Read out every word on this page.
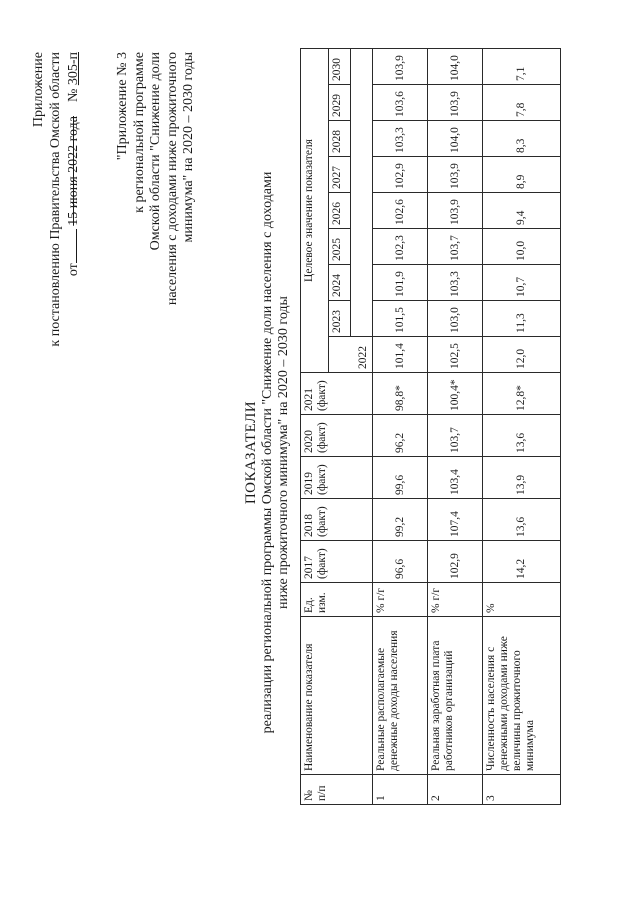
Приложение к постановлению Правительства Омской области от 15 июня 2022 года    № 305-п "Приложение № 3 к региональной программе Омской области "Снижение доли населения с доходами ниже прожиточного минимума" на 2020 – 2030 годы
ПОКАЗАТЕЛИ реализации региональной программы Омской области "Снижение доли населения с доходами ниже прожиточного минимума" на 2020 – 2030 годы
№ п/п	Наименование показателя	Ед. изм.	2017 (факт)	2018 (факт)	2019 (факт)	2020 (факт)	2021 (факт)	Целевое значение показателя								
								2022	2023	2024	2025	2026	2027	2028	2029	2030

1	Реальные располагаемые денежные доходы населения	% г/г	96,6	99,2	99,6	96,2	98,8*	101,4	101,5	101,9	102,3	102,6	102,9	103,3	103,6	103,9
2	Реальная заработная плата работников организаций	% г/г	102,9	107,4	103,4	103,7	100,4*	102,5	103,0	103,3	103,7	103,9	103,9	104,0	103,9	104,0
3	Численность населения с денежными доходами ниже величины прожиточного минимума	%	14,2	13,6	13,9	13,6	12,8*	12,0	11,3	10,7	10,0	9,4	8,9	8,3	7,8	7,1
